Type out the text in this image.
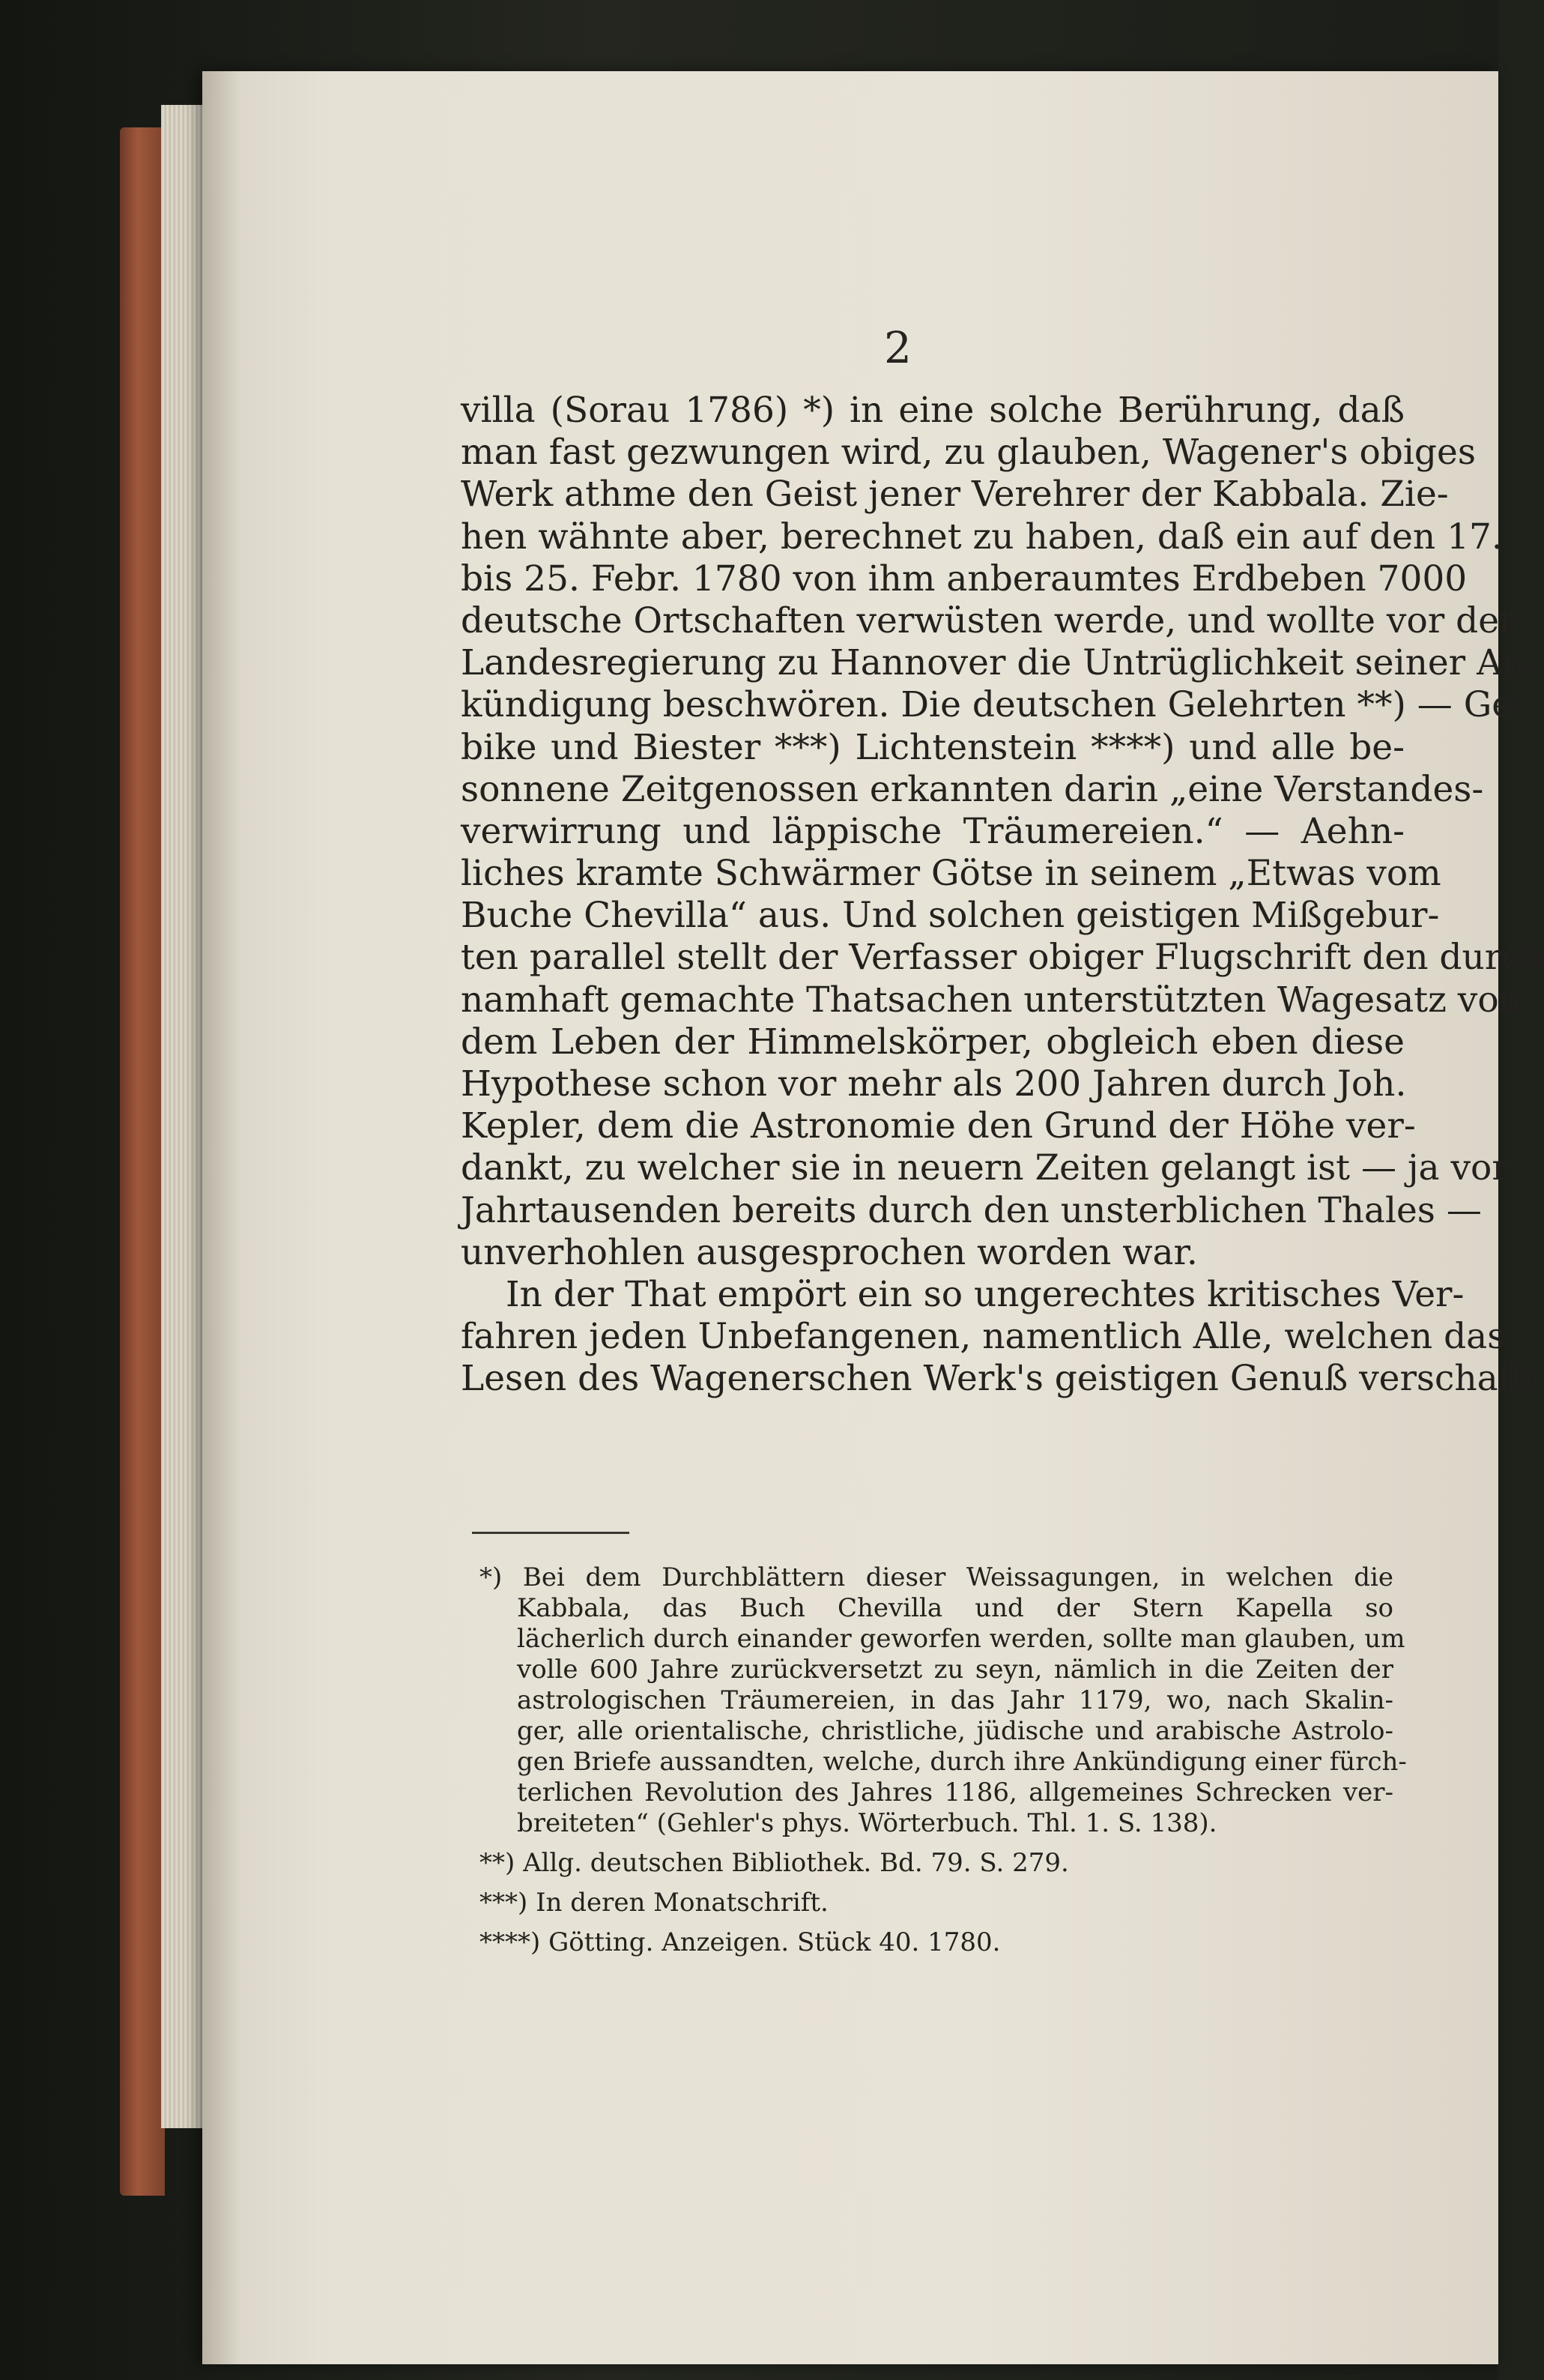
2
villa (Sorau 1786) *) in eine solche Berührung, daß
man fast gezwungen wird, zu glauben, Wagener's obiges
Werk athme den Geist jener Verehrer der Kabbala. Zie-
hen wähnte aber, berechnet zu haben, daß ein auf den 17.
bis 25. Febr. 1780 von ihm anberaumtes Erdbeben 7000
deutsche Ortschaften verwüsten werde, und wollte vor der
Landesregierung zu Hannover die Untrüglichkeit seiner An-
kündigung beschwören. Die deutschen Gelehrten **) — Ge-
bike und Biester ***) Lichtenstein ****) und alle be-
sonnene Zeitgenossen erkannten darin „eine Verstandes-
verwirrung und läppische Träumereien.“ — Aehn-
liches kramte Schwärmer Götse in seinem „Etwas vom
Buche Chevilla“ aus. Und solchen geistigen Mißgebur-
ten parallel stellt der Verfasser obiger Flugschrift den durch
namhaft gemachte Thatsachen unterstützten Wagesatz von
dem Leben der Himmelskörper, obgleich eben diese
Hypothese schon vor mehr als 200 Jahren durch Joh.
Kepler, dem die Astronomie den Grund der Höhe ver-
dankt, zu welcher sie in neuern Zeiten gelangt ist — ja vor
Jahrtausenden bereits durch den unsterblichen Thales —
unverhohlen ausgesprochen worden war.
In der That empört ein so ungerechtes kritisches Ver-
fahren jeden Unbefangenen, namentlich Alle, welchen das
Lesen des Wagenerschen Werk's geistigen Genuß verschafft
*) Bei dem Durchblättern dieser Weissagungen, in welchen die
Kabbala, das Buch Chevilla und der Stern Kapella so
lächerlich durch einander geworfen werden, sollte man glauben, um
volle 600 Jahre zurückversetzt zu seyn, nämlich in die Zeiten der
astrologischen Träumereien, in das Jahr 1179, wo, nach Skalin-
ger, alle orientalische, christliche, jüdische und arabische Astrolo-
gen Briefe aussandten, welche, durch ihre Ankündigung einer fürch-
terlichen Revolution des Jahres 1186, allgemeines Schrecken ver-
breiteten“ (Gehler's phys. Wörterbuch. Thl. 1. S. 138).
**) Allg. deutschen Bibliothek. Bd. 79. S. 279.
***) In deren Monatschrift.
****) Götting. Anzeigen. Stück 40. 1780.
